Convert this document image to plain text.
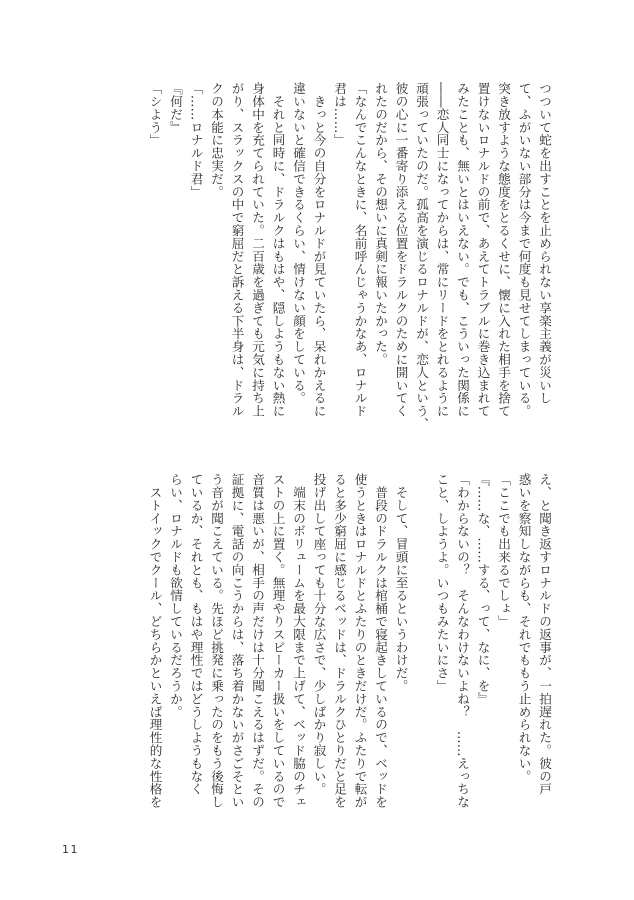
つついて蛇を出すことを止められない享楽主義が災いし
て、ふがいない部分は今まで何度も見せてしまっている。
突き放すような態度をとるくせに、懐に入れた相手を捨て
置けないロナルドの前で、あえてトラブルに巻き込まれて
みたことも、無いとはいえない。でも、こういった関係に
――恋人同士になってからは、常にリードをとれるように
頑張っていたのだ。孤高を演じるロナルドが、恋人という、
彼の心に一番寄り添える位置をドラルクのために開いてく
れたのだから、その想いに真剣に報いたかった。
「なんでこんなときに、名前呼んじゃうかなあ、ロナルド
君は……」
　きっと今の自分をロナルドが見ていたら、呆れかえるに
違いないと確信できるくらい、情けない顔をしている。
　それと同時に、ドラルクはもはや、隠しようもない熱に
身体中を充てられていた。二百歳を過ぎても元気に持ち上
がり、スラックスの中で窮屈だと訴える下半身は、ドラル
クの本能に忠実だ。
「……ロナルド君」
『何だ』
「シよう」
え、と聞き返すロナルドの返事が、一拍遅れた。彼の戸
惑いを察知しながらも、それでももう止められない。
「ここでも出来るでしょ」
『……な、……する、って、なに、を』
「わからないの？　そんなわけないよね？　……えっちな
こと、しようよ。いつもみたいにさ」

　そして、冒頭に至るというわけだ。
　普段のドラルクは棺桶で寝起きしているので、ベッドを
使うときはロナルドとふたりのときだけだ。ふたりで転が
ると多少窮屈に感じるベッドは、ドラルクひとりだと足を
投げ出して座っても十分な広さで、少しばかり寂しい。
　端末のボリュームを最大限まで上げて、ベッド脇のチェ
ストの上に置く。無理やりスピーカー扱いをしているので
音質は悪いが、相手の声だけは十分聞こえるはずだ。その
証拠に、電話の向こうからは、落ち着かないがさごそとい
う音が聞こえている。先ほど挑発に乗ったのをもう後悔し
ているか、それとも、もはや理性ではどうしようもなく
らい、ロナルドも欲情しているだろうか。
　ストイックでクール、どちらかといえば理性的な性格を
11
